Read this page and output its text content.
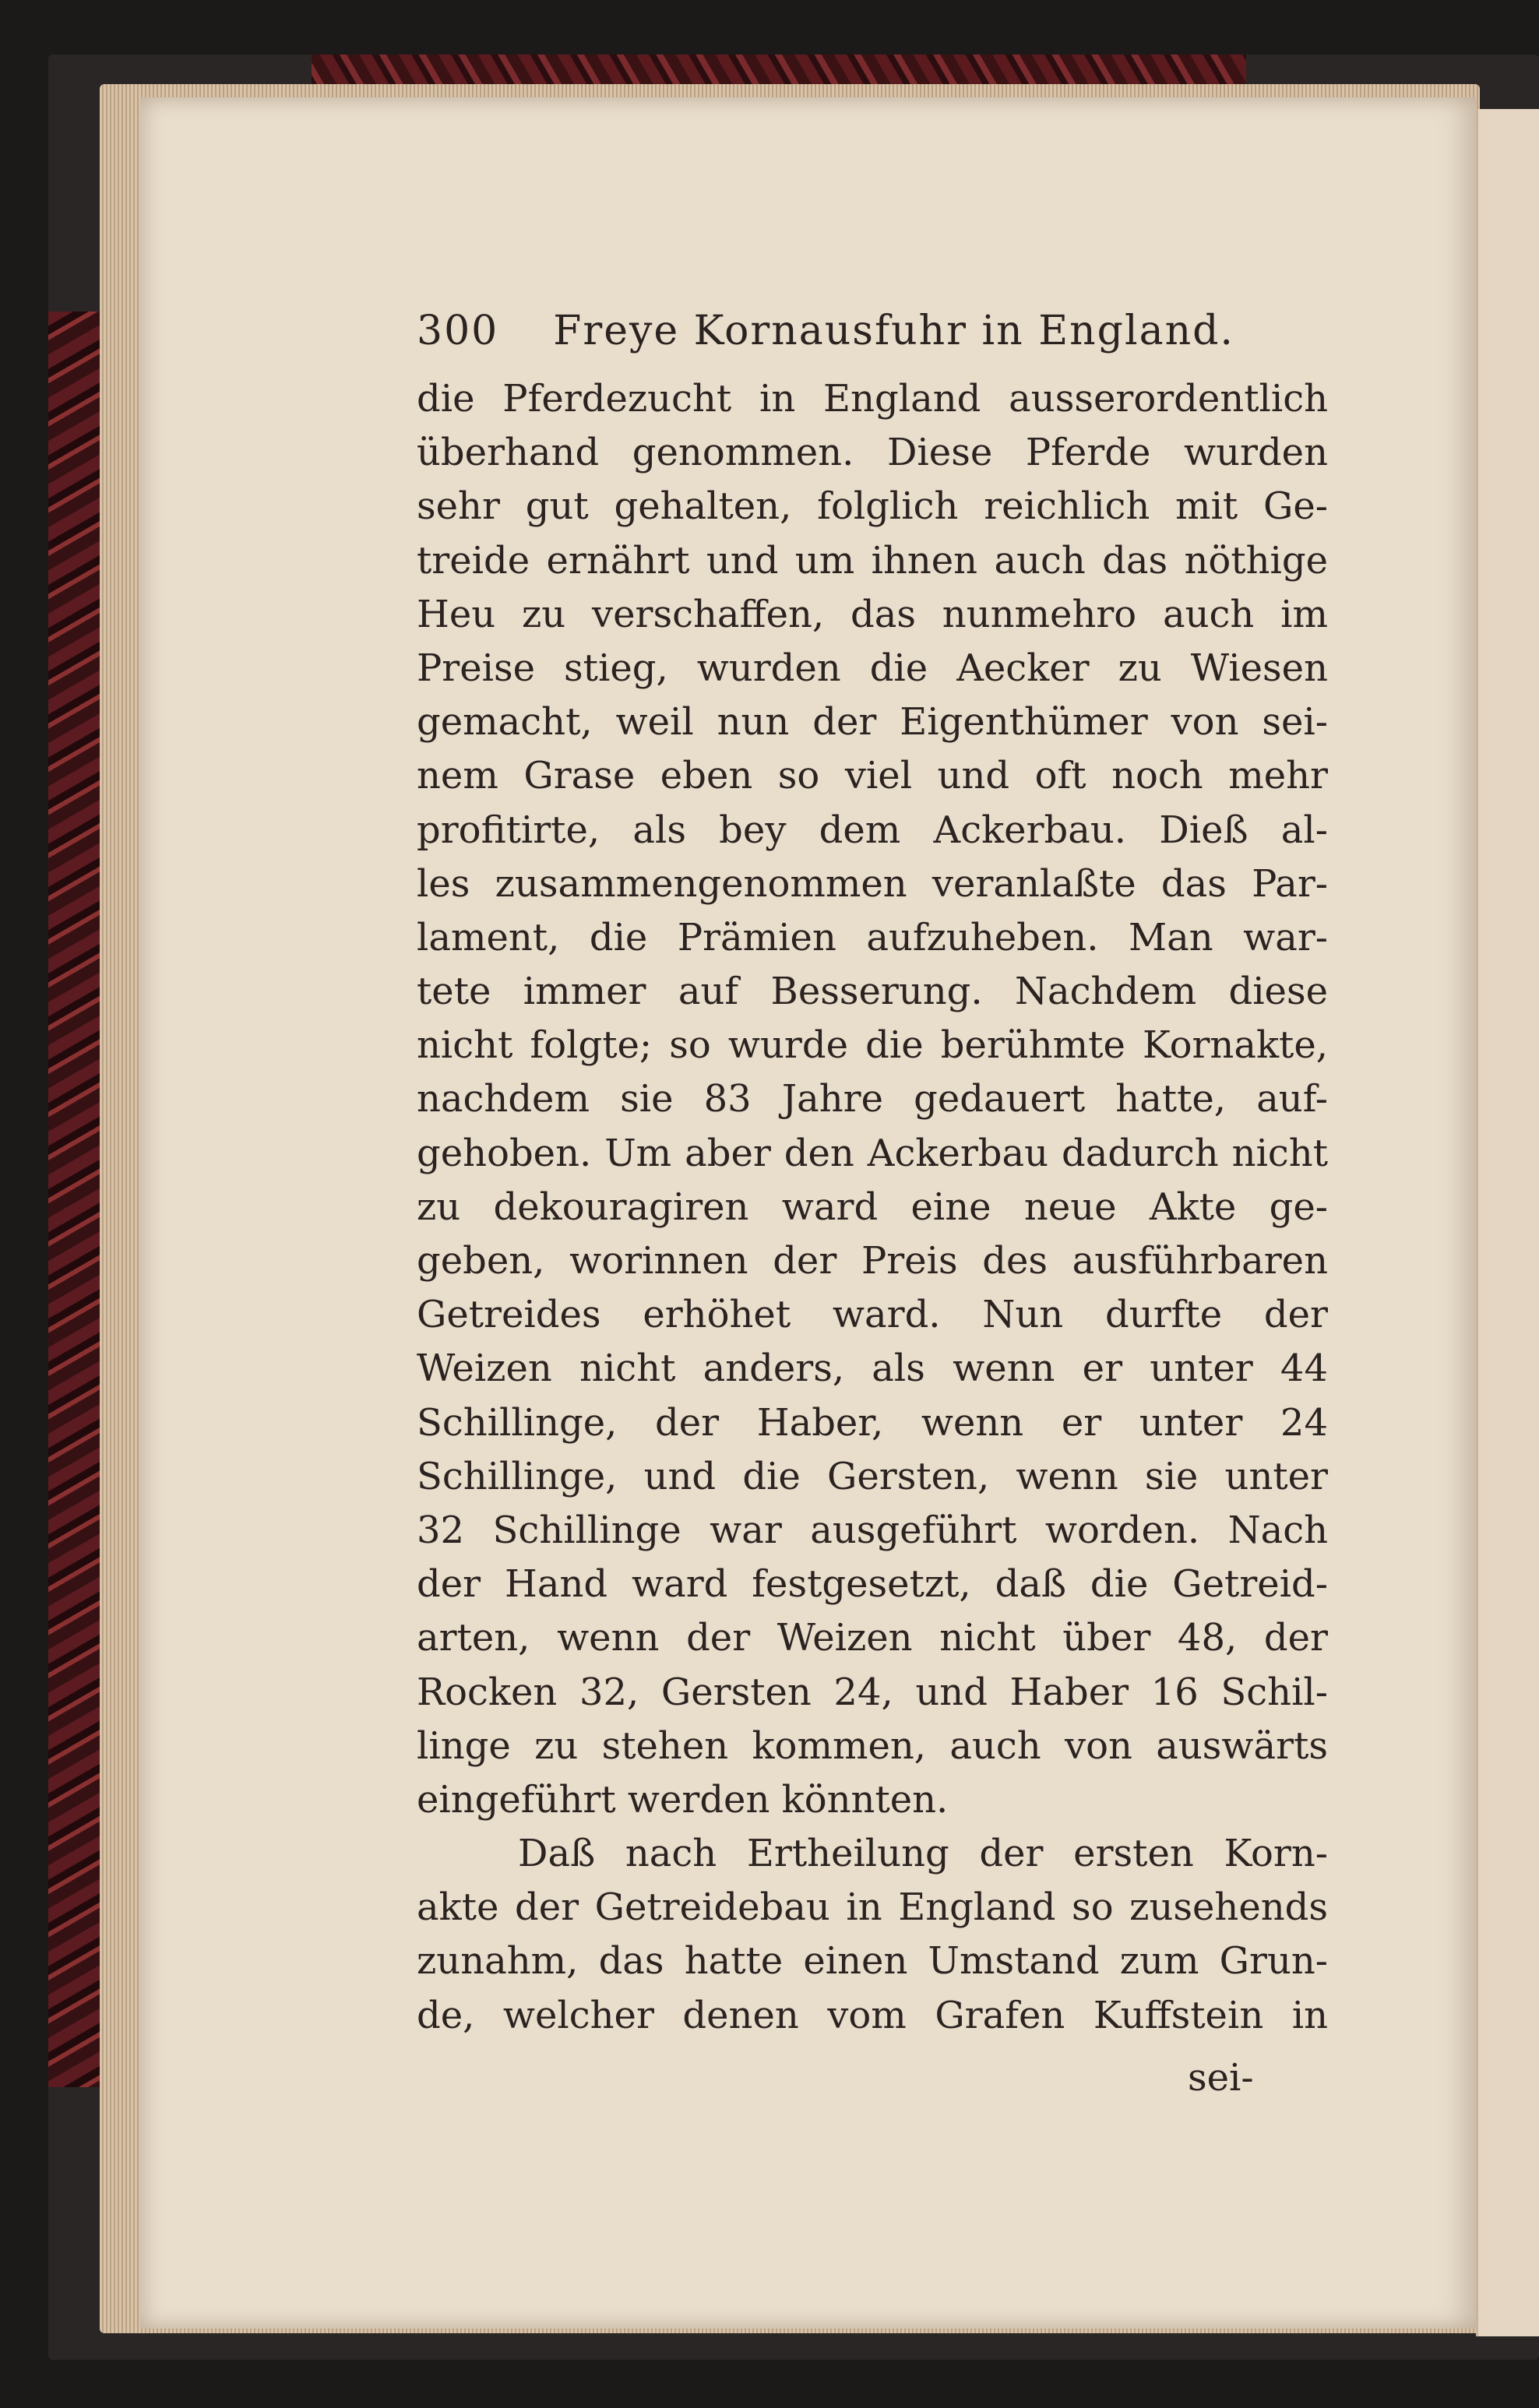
300 Freye Kornausfuhr in England.
die Pferdezucht in England ausserordentlich
überhand genommen. Diese Pferde wurden
sehr gut gehalten, folglich reichlich mit Ge-
treide ernährt und um ihnen auch das nöthige
Heu zu verschaffen, das nunmehro auch im
Preise stieg, wurden die Aecker zu Wiesen
gemacht, weil nun der Eigenthümer von sei-
nem Grase eben so viel und oft noch mehr
profitirte, als bey dem Ackerbau. Dieß al-
les zusammengenommen veranlaßte das Par-
lament, die Prämien aufzuheben. Man war-
tete immer auf Besserung. Nachdem diese
nicht folgte; so wurde die berühmte Kornakte,
nachdem sie 83 Jahre gedauert hatte, auf-
gehoben. Um aber den Ackerbau dadurch nicht
zu dekouragiren ward eine neue Akte ge-
geben, worinnen der Preis des ausführbaren
Getreides erhöhet ward. Nun durfte der
Weizen nicht anders, als wenn er unter 44
Schillinge, der Haber, wenn er unter 24
Schillinge, und die Gersten, wenn sie unter
32 Schillinge war ausgeführt worden. Nach
der Hand ward festgesetzt, daß die Getreid-
arten, wenn der Weizen nicht über 48, der
Rocken 32, Gersten 24, und Haber 16 Schil-
linge zu stehen kommen, auch von auswärts
eingeführt werden könnten.
Daß nach Ertheilung der ersten Korn-
akte der Getreidebau in England so zusehends
zunahm, das hatte einen Umstand zum Grun-
de, welcher denen vom Grafen Kuffstein in
sei-
